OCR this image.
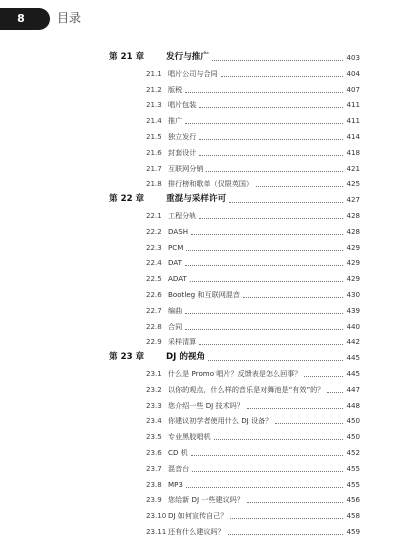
8	目录
第 21 章	发行与推广	403
21.1 唱片公司与合同	404
21.2 版税	407
21.3 唱片包装	411
21.4 推广	411
21.5 独立发行	414
21.6 封套设计	418
21.7 互联网分销	421
21.8 排行榜和歌单（仅限英国）	425
第 22 章	重混与采样许可	427
22.1 工程分轨	428
22.2 DASH	428
22.3 PCM	429
22.4 DAT	429
22.5 ADAT	429
22.6 Bootleg 和互联网混音	430
22.7 编曲	439
22.8 合同	440
22.9 采样清算	442
第 23 章	DJ 的视角	445
23.1 什么是 Promo 唱片？反馈表是怎么回事？	445
23.2 以你的观点，什么样的音乐是对舞池是“有效”的？	447
23.3 您介绍一些 DJ 技术吗？	448
23.4 你建议初学者使用什么 DJ 设备？	450
23.5 专业黑胶唱机	450
23.6 CD 机	452
23.7 混音台	455
23.8 MP3	455
23.9 您给新 DJ 一些建议吗？	456
23.10 DJ 如何宣传自己？	458
23.11 还有什么建议吗？	459
